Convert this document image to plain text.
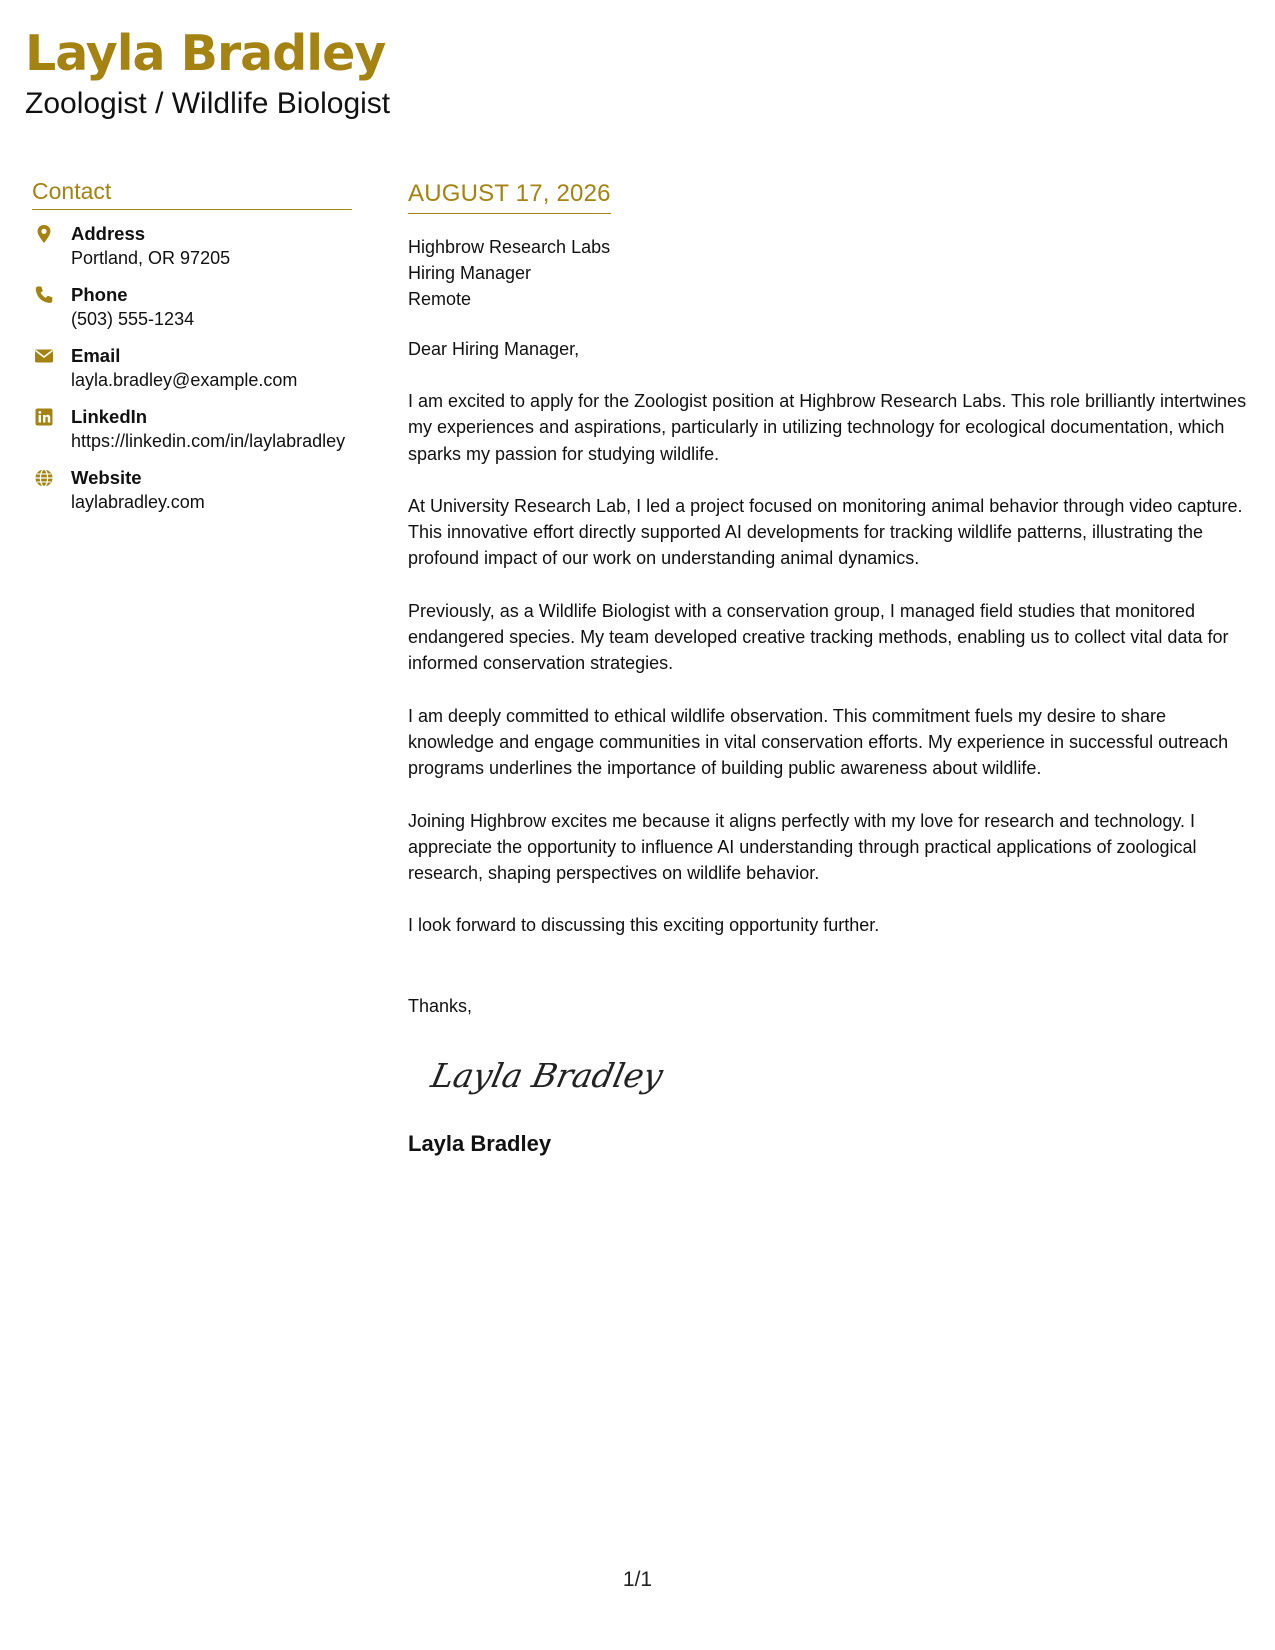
Layla Bradley
Zoologist / Wildlife Biologist
Contact
Address
Portland, OR 97205
Phone
(503) 555-1234
Email
layla.bradley@example.com
LinkedIn
https://linkedin.com/in/laylabradley
Website
laylabradley.com
AUGUST 17, 2026
Highbrow Research Labs
Hiring Manager
Remote
Dear Hiring Manager,
I am excited to apply for the Zoologist position at Highbrow Research Labs. This role brilliantly intertwines my experiences and aspirations, particularly in utilizing technology for ecological documentation, which sparks my passion for studying wildlife.
At University Research Lab, I led a project focused on monitoring animal behavior through video capture. This innovative effort directly supported AI developments for tracking wildlife patterns, illustrating the profound impact of our work on understanding animal dynamics.
Previously, as a Wildlife Biologist with a conservation group, I managed field studies that monitored endangered species. My team developed creative tracking methods, enabling us to collect vital data for informed conservation strategies.
I am deeply committed to ethical wildlife observation. This commitment fuels my desire to share knowledge and engage communities in vital conservation efforts. My experience in successful outreach programs underlines the importance of building public awareness about wildlife.
Joining Highbrow excites me because it aligns perfectly with my love for research and technology. I appreciate the opportunity to influence AI understanding through practical applications of zoological research, shaping perspectives on wildlife behavior.
I look forward to discussing this exciting opportunity further.
Thanks,
Layla Bradley
Layla Bradley
1/1
